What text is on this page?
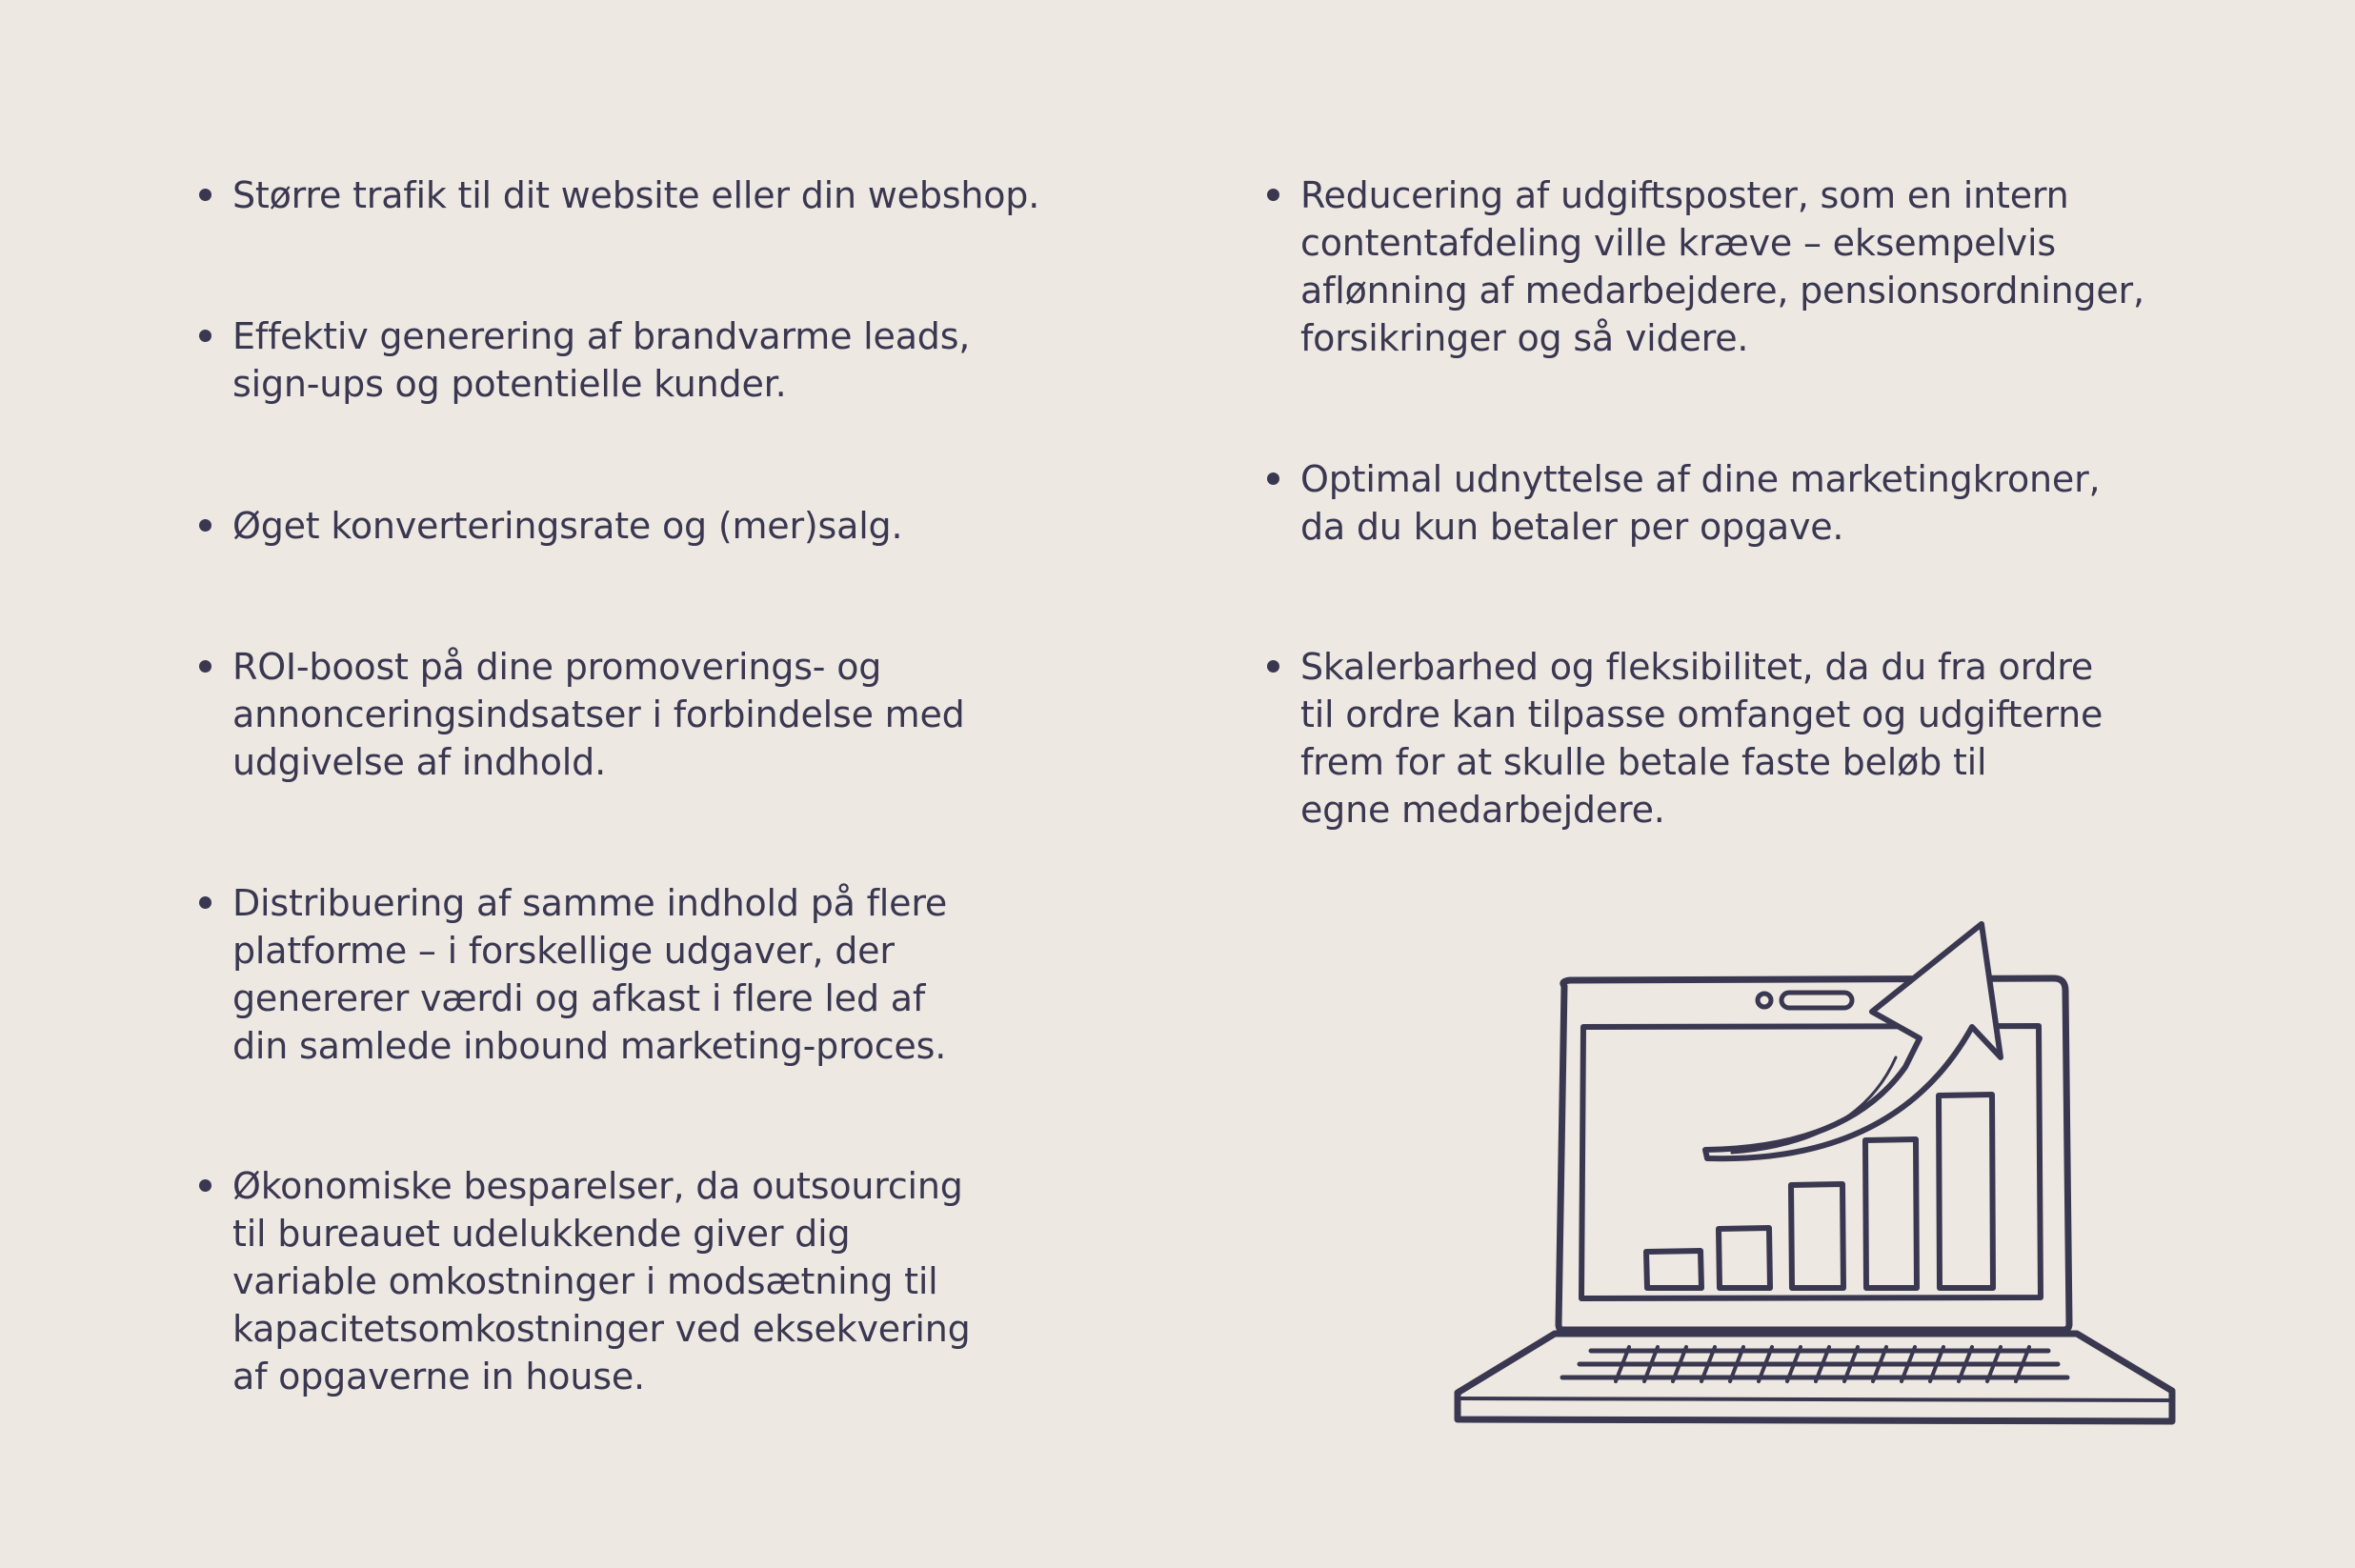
Større trafik til dit website eller din webshop.
Effektiv generering af brandvarme leads,
sign-ups og potentielle kunder.
Øget konverteringsrate og (mer)salg.
ROI-boost på dine promoverings- og
annonceringsindsatser i forbindelse med
udgivelse af indhold.
Distribuering af samme indhold på flere
platforme – i forskellige udgaver, der
genererer værdi og afkast i flere led af
din samlede inbound marketing-proces.
Økonomiske besparelser, da outsourcing
til bureauet udelukkende giver dig
variable omkostninger i modsætning til
kapacitetsomkostninger ved eksekvering
af opgaverne in house.
Reducering af udgiftsposter, som en intern
contentafdeling ville kræve – eksempelvis
aflønning af medarbejdere, pensionsordninger,
forsikringer og så videre.
Optimal udnyttelse af dine marketingkroner,
da du kun betaler per opgave.
Skalerbarhed og fleksibilitet, da du fra ordre
til ordre kan tilpasse omfanget og udgifterne
frem for at skulle betale faste beløb til
egne medarbejdere.
